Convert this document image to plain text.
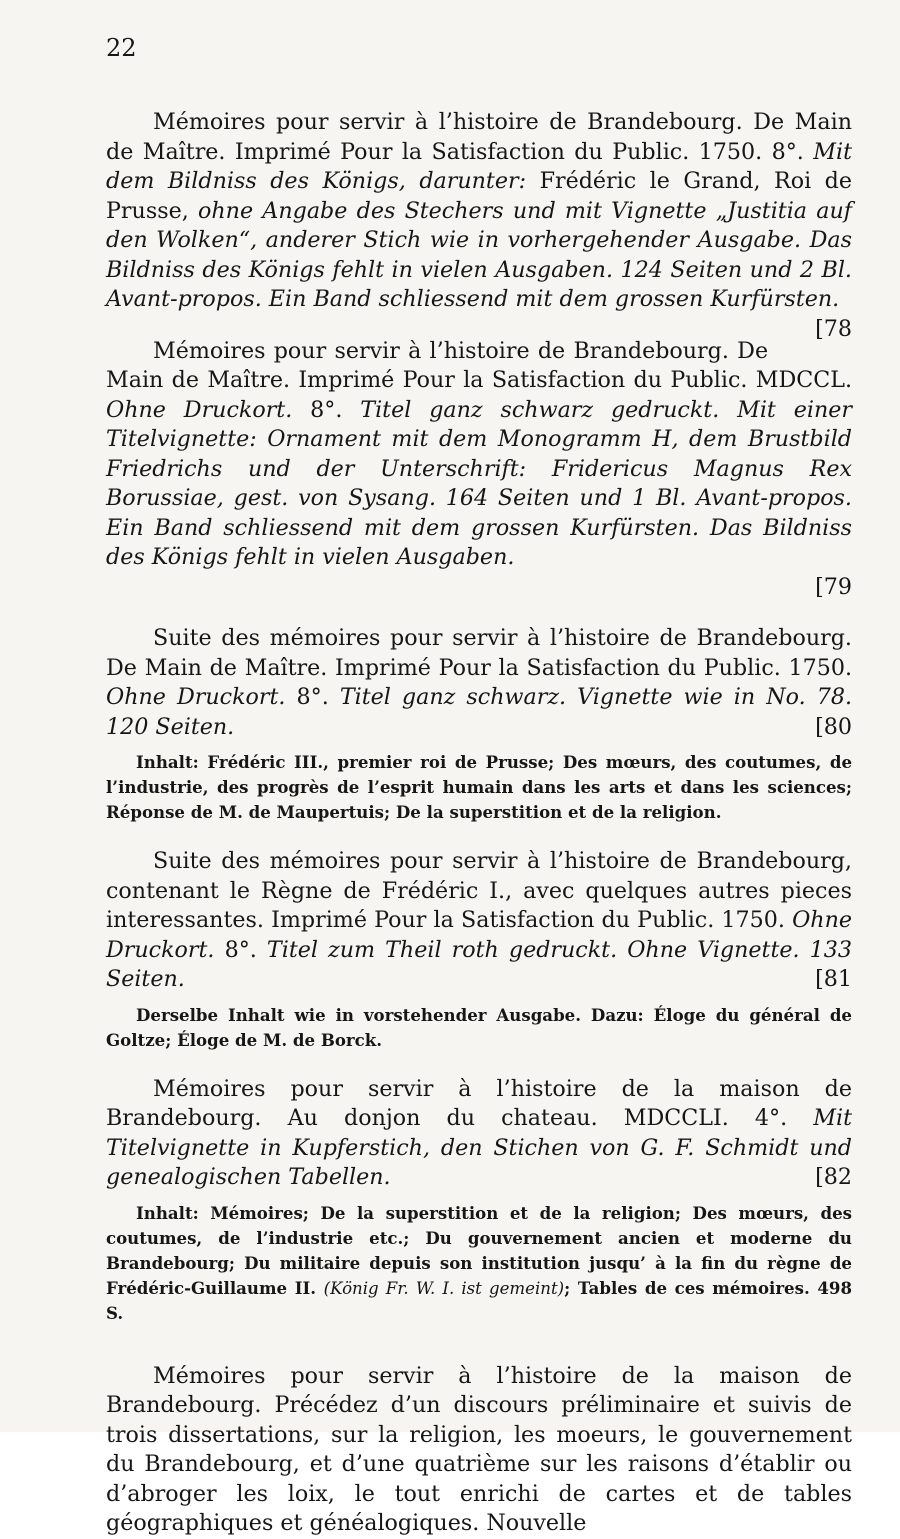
22

Mémoires pour servir à l’histoire de Brandebourg. De Main de Maître. Imprimé Pour la Satisfaction du Public. 1750. 8°. Mit dem Bildniss des Königs, darunter: Frédéric le Grand, Roi de Prusse, ohne Angabe des Stechers und mit Vignette „Justitia auf den Wolken“, anderer Stich wie in vorhergehender Ausgabe. Das Bildniss des Königs fehlt in vielen Ausgaben. 124 Seiten und 2 Bl. Avant-propos. Ein Band schliessend mit dem grossen Kurfürsten.
[78

Mémoires pour servir à l’histoire de Brandebourg. De Main de Maître. Imprimé Pour la Satisfaction du Public. MDCCL. Ohne Druckort. 8°. Titel ganz schwarz gedruckt. Mit einer Titelvignette: Ornament mit dem Monogramm H, dem Brustbild Friedrichs und der Unterschrift: Fridericus Magnus Rex Borussiae, gest. von Sysang. 164 Seiten und 1 Bl. Avant-propos. Ein Band schliessend mit dem grossen Kurfürsten. Das Bildniss des Königs fehlt in vielen Ausgaben.
[79

Suite des mémoires pour servir à l’histoire de Brandebourg. De Main de Maître. Imprimé Pour la Satisfaction du Public. 1750. Ohne Druckort. 8°. Titel ganz schwarz. Vignette wie in No. 78. 120 Seiten.	[80

Inhalt: Frédéric III., premier roi de Prusse; Des mœurs, des coutumes, de l’industrie, des progrès de l’esprit humain dans les arts et dans les sciences; Réponse de M. de Maupertuis; De la superstition et de la religion.

Suite des mémoires pour servir à l’histoire de Brandebourg, contenant le Règne de Frédéric I., avec quelques autres pieces interessantes. Imprimé Pour la Satisfaction du Public. 1750. Ohne Druckort. 8°. Titel zum Theil roth gedruckt. Ohne Vignette. 133 Seiten.	[81

Derselbe Inhalt wie in vorstehender Ausgabe. Dazu: Éloge du général de Goltze; Éloge de M. de Borck.

Mémoires pour servir à l’histoire de la maison de Brandebourg. Au donjon du chateau. MDCCLI. 4°. Mit Titelvignette in Kupferstich, den Stichen von G. F. Schmidt und genealogischen Tabellen.	[82

Inhalt: Mémoires; De la superstition et de la religion; Des mœurs, des coutumes, de l’industrie etc.; Du gouvernement ancien et moderne du Brandebourg; Du militaire depuis son institution jusqu’ à la fin du règne de Frédéric-Guillaume II. (König Fr. W. I. ist gemeint); Tables de ces mémoires. 498 S.

Mémoires pour servir à l’histoire de la maison de Brandebourg. Précédez d’un discours préliminaire et suivis de trois dissertations, sur la religion, les moeurs, le gouvernement du Brandebourg, et d’une quatrième sur les raisons d’établir ou d’abroger les loix, le tout enrichi de cartes et de tables géographiques et généalogiques. Nouvelle
